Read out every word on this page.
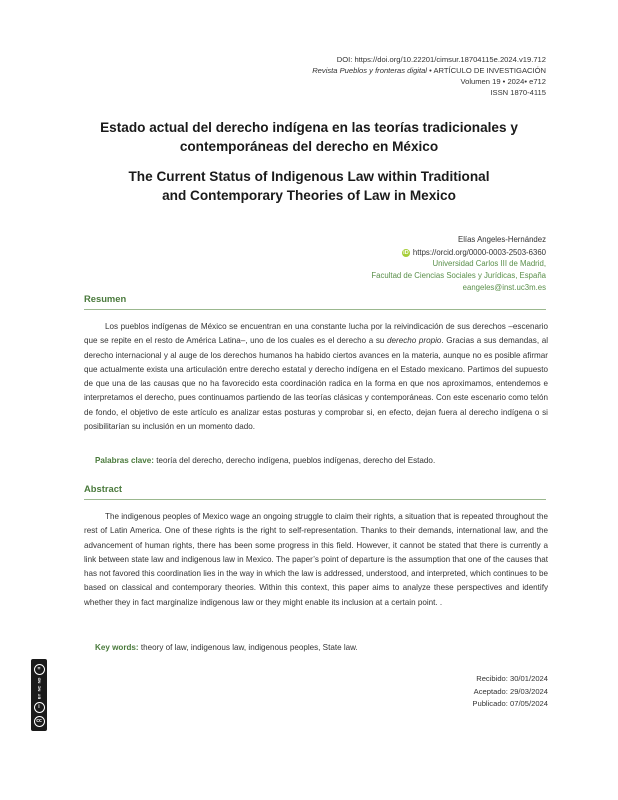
DOI: https://doi.org/10.22201/cimsur.18704115e.2024.v19.712
Revista Pueblos y fronteras digital • ARTÍCULO DE INVESTIGACIÓN
Volumen 19 • 2024• e712
ISSN 1870-4115
Estado actual del derecho indígena en las teorías tradicionales y
contemporáneas del derecho en México
The Current Status of Indigenous Law within Traditional
and Contemporary Theories of Law in Mexico
Elías Angeles-Hernández
iD https://orcid.org/0000-0003-2503-6360
Universidad Carlos III de Madrid,
Facultad de Ciencias Sociales y Jurídicas, España
eangeles@inst.uc3m.es
Resumen

Los pueblos indígenas de México se encuentran en una constante lucha por la reivindicación de sus derechos –escenario que se repite en el resto de América Latina–, uno de los cuales es el derecho a su derecho propio. Gracias a sus demandas, al derecho internacional y al auge de los derechos humanos ha habido ciertos avances en la materia, aunque no es posible afirmar que actualmente exista una articulación entre derecho estatal y derecho indígena en el Estado mexicano. Partimos del supuesto de que una de las causas que no ha favorecido esta coordinación radica en la forma en que nos aproximamos, entendemos e interpretamos el derecho, pues continuamos partiendo de las teorías clásicas y contemporáneas. Con este escenario como telón de fondo, el objetivo de este artículo es analizar estas posturas y comprobar si, en efecto, dejan fuera al derecho indígena o si posibilitarían su inclusión en un momento dado.

Palabras clave: teoría del derecho, derecho indígena, pueblos indígenas, derecho del Estado.
Abstract

The indigenous peoples of Mexico wage an ongoing struggle to claim their rights, a situation that is repeated throughout the rest of Latin America. One of these rights is the right to self-representation. Thanks to their demands, international law, and the advancement of human rights, there has been some progress in this field. However, it cannot be stated that there is currently a link between state law and indigenous law in Mexico. The paper’s point of departure is the assumption that one of the causes that has not favored this coordination lies in the way in which the law is addressed, understood, and interpreted, which continues to be based on classical and contemporary theories. Within this context, this paper aims to analyze these perspectives and identify whether they in fact marginalize indigenous law or they might enable its inclusion at a certain point. .

Key words: theory of law, indigenous law, indigenous peoples, State law.
Recibido: 30/01/2024
Aceptado: 29/03/2024
Publicado: 07/05/2024
=
ND
NC
BY
i
cc
